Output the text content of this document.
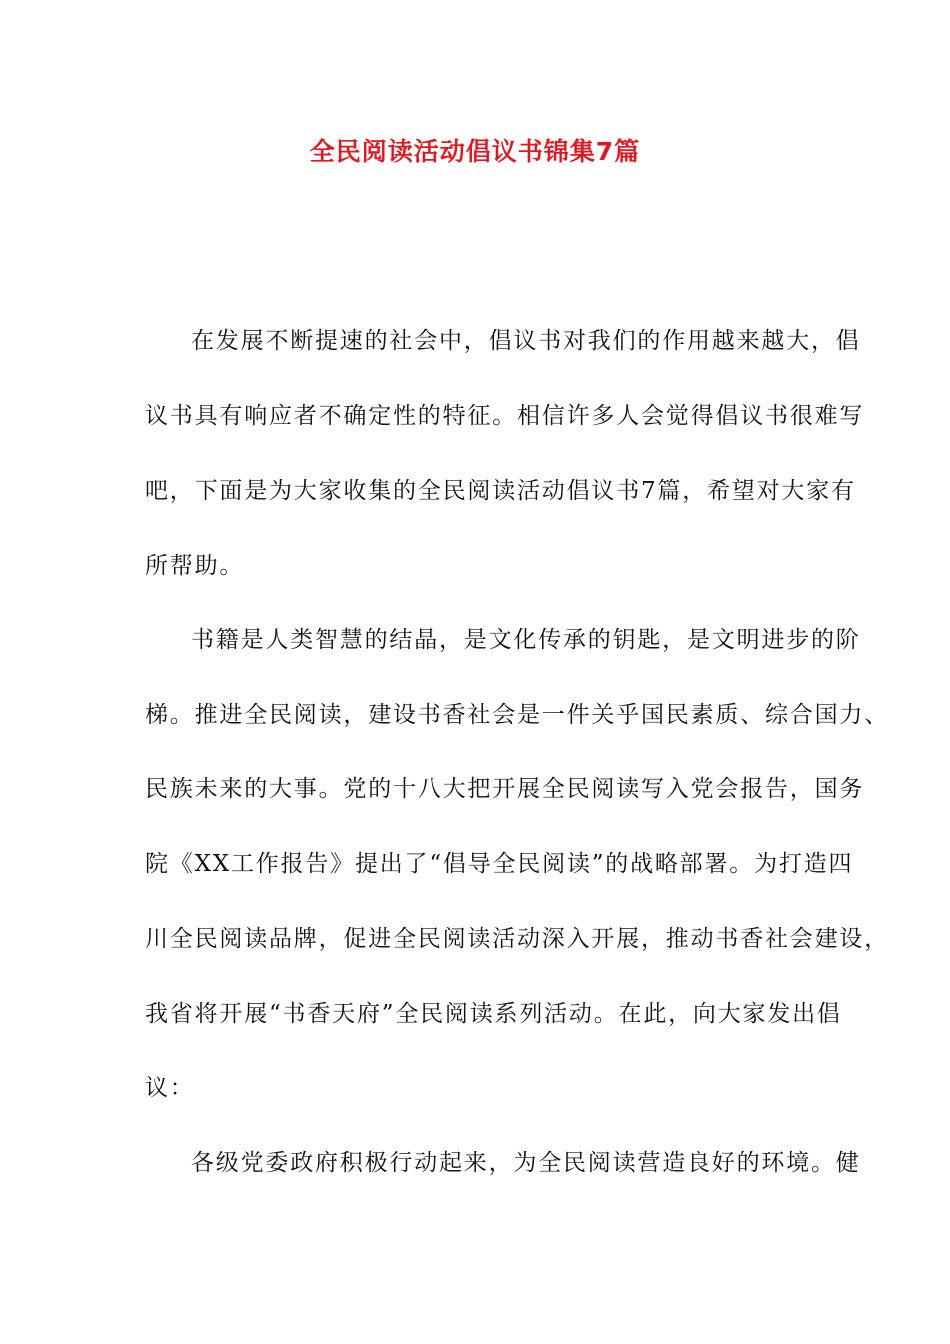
全民阅读活动倡议书锦集7篇
在发展不断提速的社会中，倡议书对我们的作用越来越大，倡
议书具有响应者不确定性的特征。相信许多人会觉得倡议书很难写
吧，下面是为大家收集的全民阅读活动倡议书7篇，希望对大家有
所帮助。
书籍是人类智慧的结晶，是文化传承的钥匙，是文明进步的阶
梯。推进全民阅读，建设书香社会是一件关乎国民素质、综合国力、
民族未来的大事。党的十八大把开展全民阅读写入党会报告，国务
院《XX工作报告》提出了“倡导全民阅读”的战略部署。为打造四
川全民阅读品牌，促进全民阅读活动深入开展，推动书香社会建设，
我省将开展“书香天府”全民阅读系列活动。在此，向大家发出倡
议：
各级党委政府积极行动起来，为全民阅读营造良好的环境。健
